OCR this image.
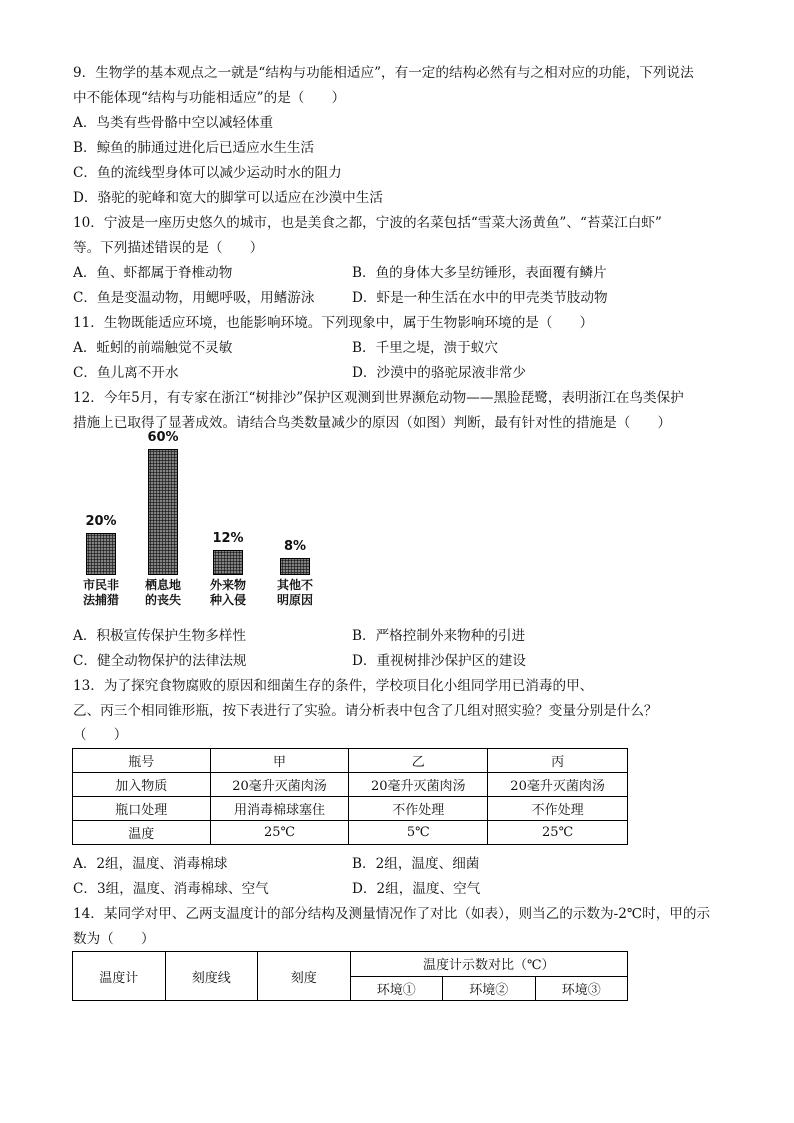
9．生物学的基本观点之一就是“结构与功能相适应”，有一定的结构必然有与之相对应的功能，下列说法
中不能体现“结构与功能相适应”的是（　　）
A．鸟类有些骨骼中空以减轻体重
B．鲸鱼的肺通过进化后已适应水生生活
C．鱼的流线型身体可以减少运动时水的阻力
D．骆驼的驼峰和宽大的脚掌可以适应在沙漠中生活
10．宁波是一座历史悠久的城市，也是美食之都，宁波的名菜包括“雪菜大汤黄鱼”、“苔菜江白虾”
等。下列描述错误的是（　　）
A．鱼、虾都属于脊椎动物	B．鱼的身体大多呈纺锤形，表面覆有鳞片
C．鱼是变温动物，用鳃呼吸，用鳍游泳	D．虾是一种生活在水中的甲壳类节肢动物
11．生物既能适应环境，也能影响环境。下列现象中，属于生物影响环境的是（　　）
A．蚯蚓的前端触觉不灵敏	B．千里之堤，溃于蚁穴
C．鱼儿离不开水	D．沙漠中的骆驼尿液非常少
12．今年5月，有专家在浙江“树排沙”保护区观测到世界濒危动物——黑脸琵鹭，表明浙江在鸟类保护
措施上已取得了显著成效。请结合鸟类数量减少的原因（如图）判断，最有针对性的措施是（　　）
20%
市民非
法捕猎
60%
栖息地
的丧失
12%
外来物
种入侵
8%
其他不
明原因
A．积极宣传保护生物多样性	B．严格控制外来物种的引进
C．健全动物保护的法律法规	D．重视树排沙保护区的建设
13．为了探究食物腐败的原因和细菌生存的条件，学校项目化小组同学用已消毒的甲、
乙、丙三个相同锥形瓶，按下表进行了实验。请分析表中包含了几组对照实验？变量分别是什么？
（　　）
瓶号	甲	乙	丙
加入物质	20毫升灭菌肉汤	20毫升灭菌肉汤	20毫升灭菌肉汤
瓶口处理	用消毒棉球塞住	不作处理	不作处理
温度	25℃	5℃	25℃
A．2组，温度、消毒棉球	B．2组，温度、细菌
C．3组，温度、消毒棉球、空气	D．2组，温度、空气
14．某同学对甲、乙两支温度计的部分结构及测量情况作了对比（如表），则当乙的示数为-2℃时，甲的示
数为（　　）
温度计	刻度线	刻度	温度计示数对比（℃）		
			环境①	环境②	环境③
